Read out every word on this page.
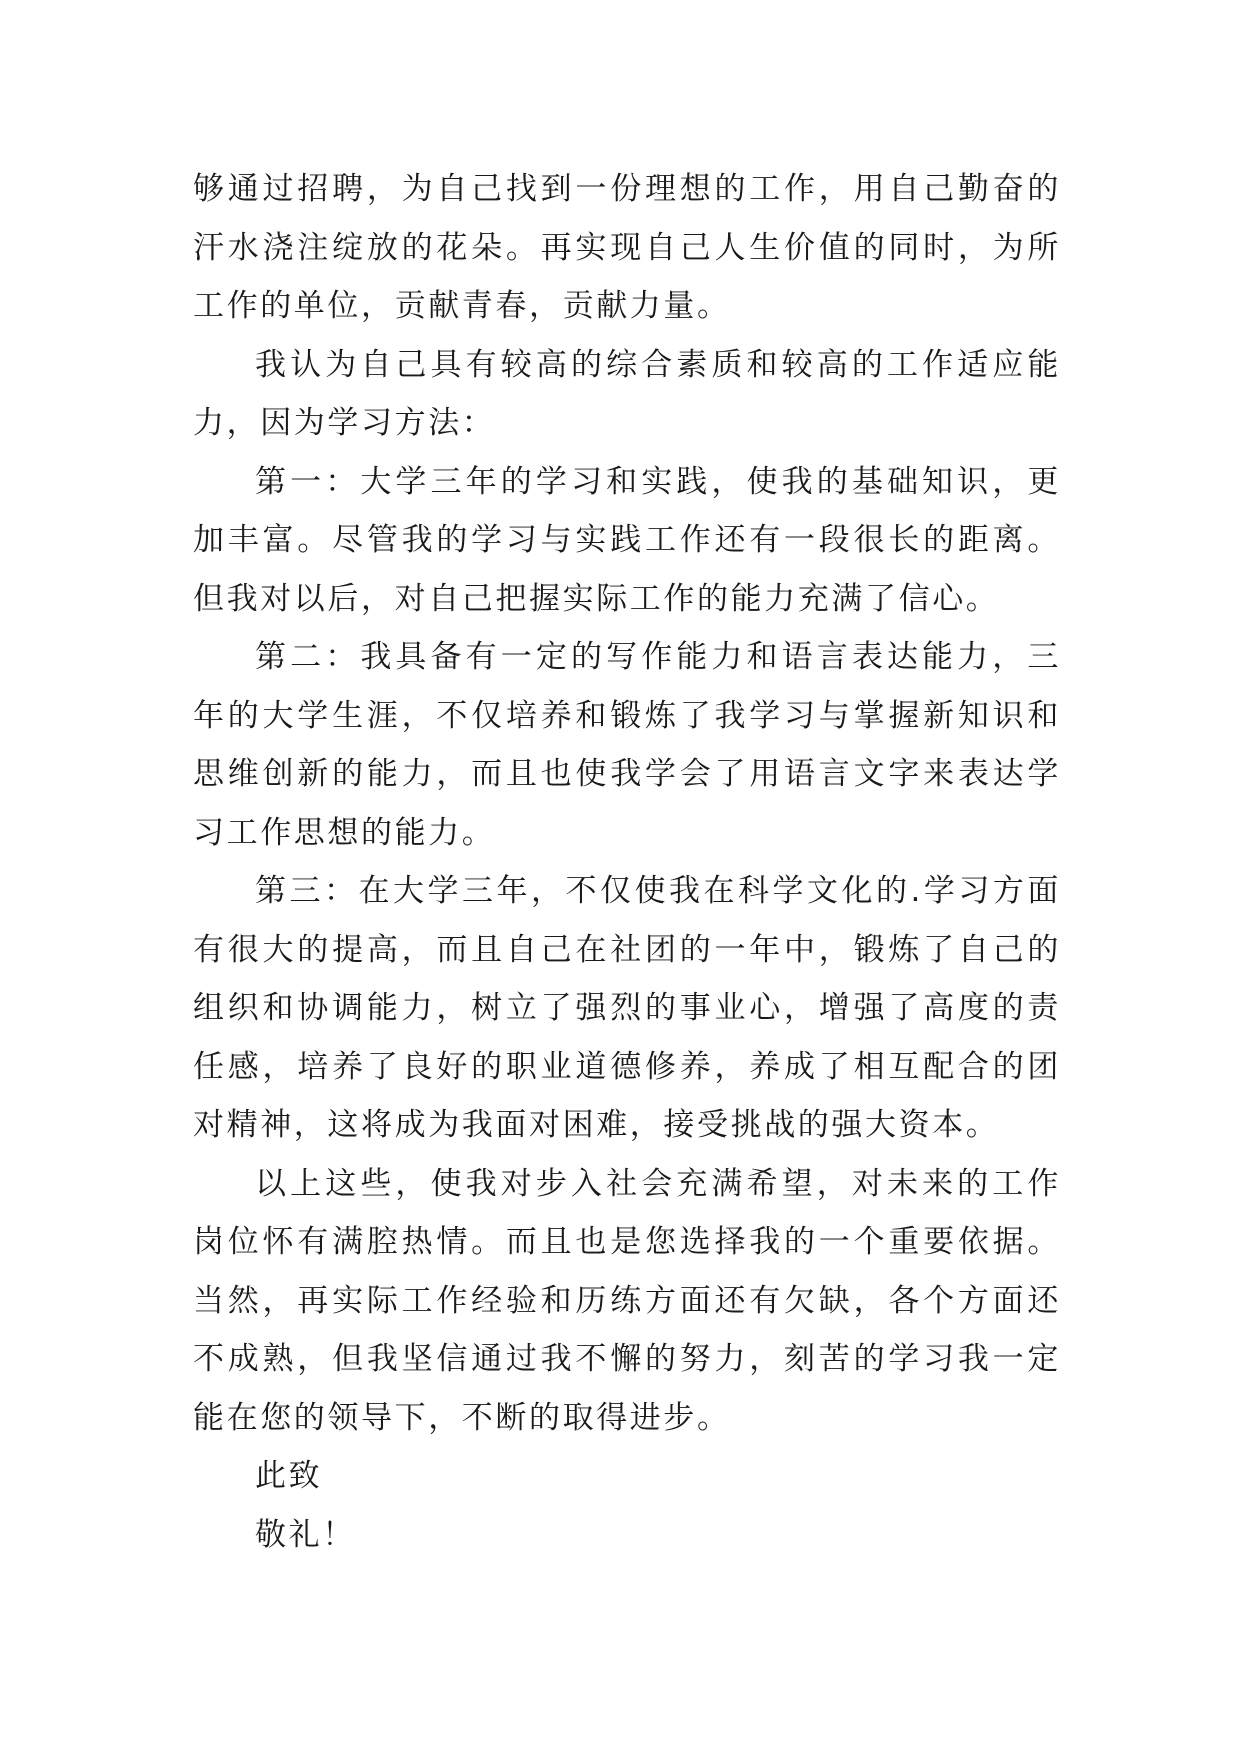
够通过招聘，为自己找到一份理想的工作，用自己勤奋的汗水浇注绽放的花朵。再实现自己人生价值的同时，为所工作的单位，贡献青春，贡献力量。

我认为自己具有较高的综合素质和较高的工作适应能力，因为学习方法：

第一：大学三年的学习和实践，使我的基础知识，更加丰富。尽管我的学习与实践工作还有一段很长的距离。但我对以后，对自己把握实际工作的能力充满了信心。

第二：我具备有一定的写作能力和语言表达能力，三年的大学生涯，不仅培养和锻炼了我学习与掌握新知识和思维创新的能力，而且也使我学会了用语言文字来表达学习工作思想的能力。

第三：在大学三年，不仅使我在科学文化的.学习方面有很大的提高，而且自己在社团的一年中，锻炼了自己的组织和协调能力，树立了强烈的事业心，增强了高度的责任感，培养了良好的职业道德修养，养成了相互配合的团对精神，这将成为我面对困难，接受挑战的强大资本。

以上这些，使我对步入社会充满希望，对未来的工作岗位怀有满腔热情。而且也是您选择我的一个重要依据。当然，再实际工作经验和历练方面还有欠缺，各个方面还不成熟，但我坚信通过我不懈的努力，刻苦的学习我一定能在您的领导下，不断的取得进步。

此致

敬礼！
